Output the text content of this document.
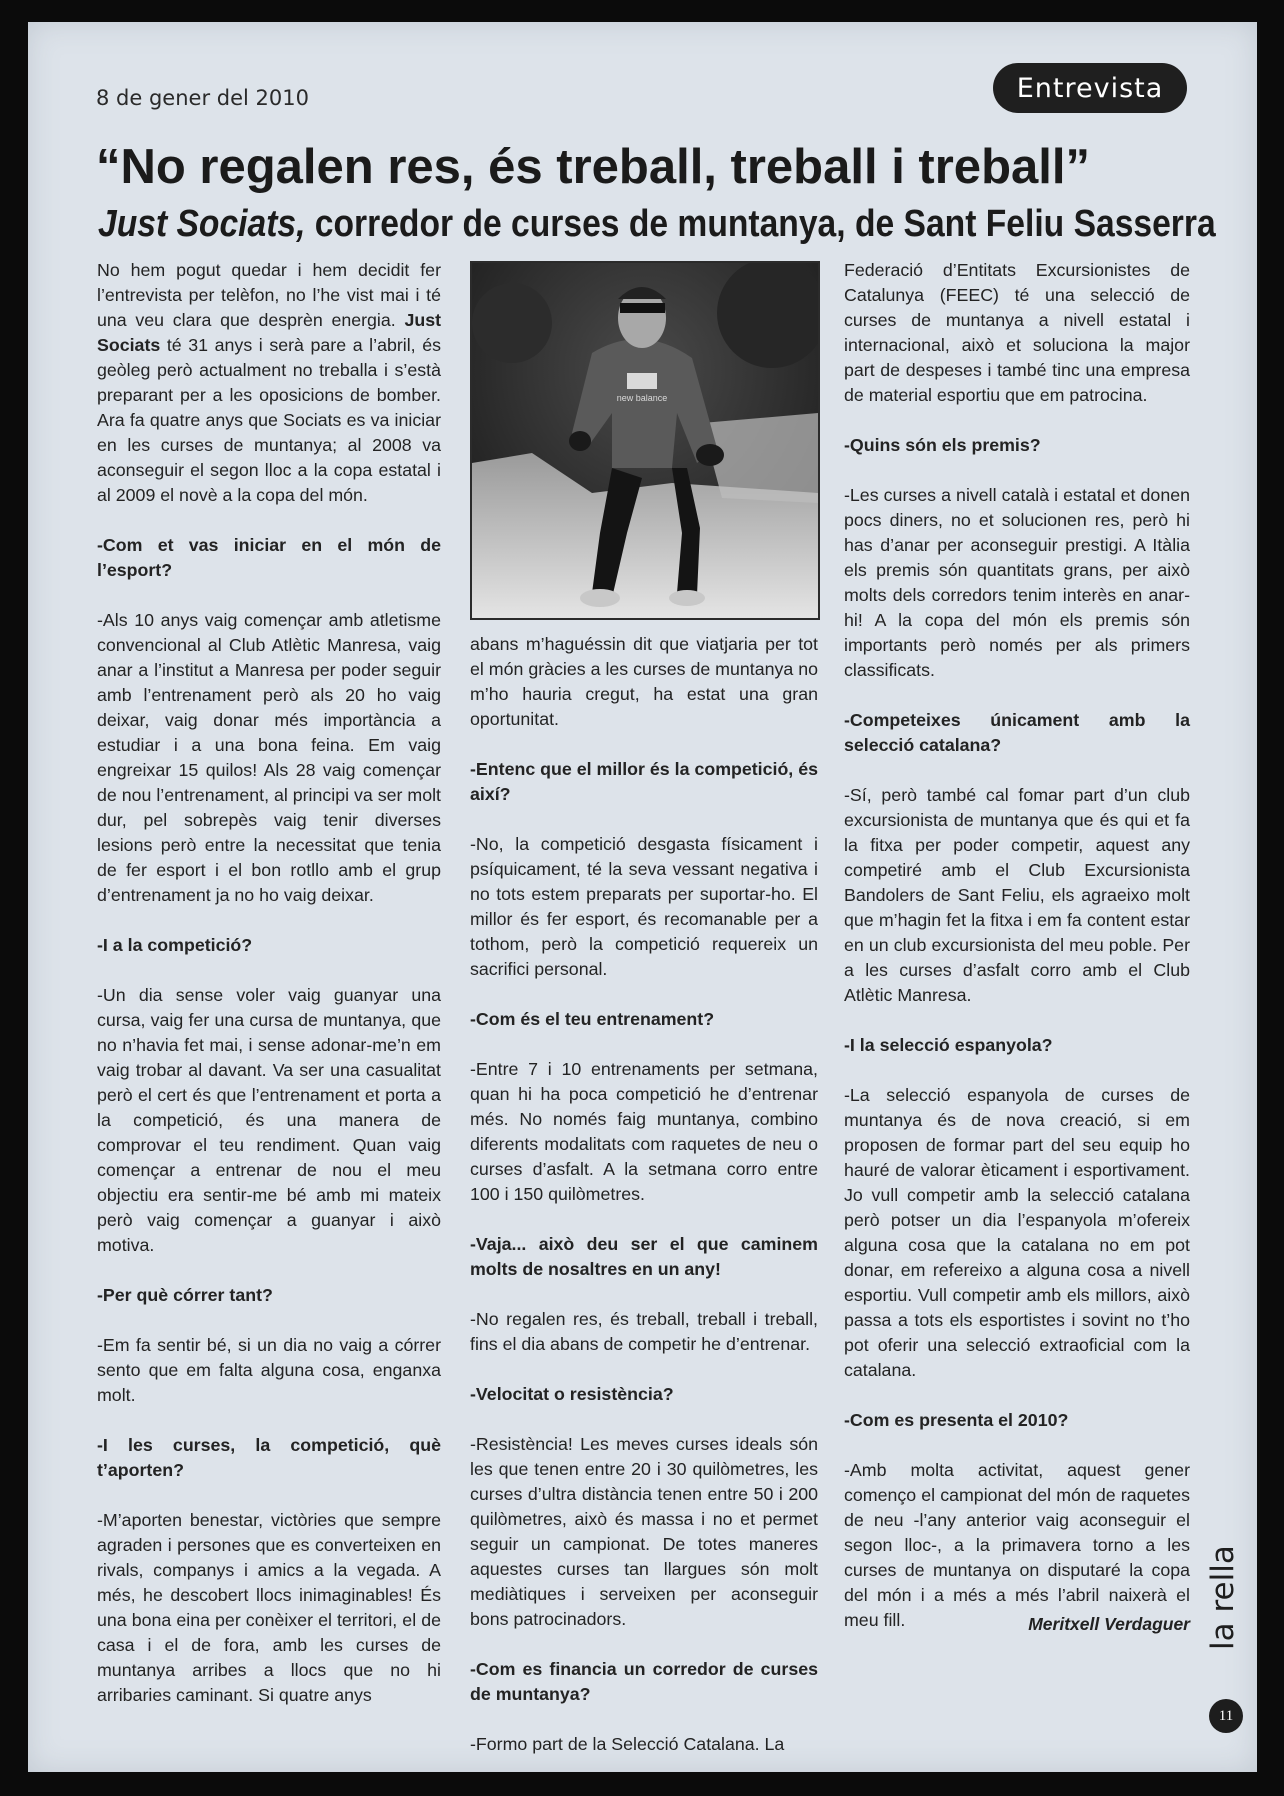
8 de gener del 2010	Entrevista
“No regalen res, és treball, treball i treball”
Just Sociats, corredor de curses de muntanya, de Sant Feliu Sasserra

No hem pogut quedar i hem decidit fer l’entrevista per telèfon, no l’he vist mai i té una veu clara que desprèn energia. Just Sociats té 31 anys i serà pare a l’abril, és geòleg però actualment no treballa i s’està preparant per a les oposicions de bomber. Ara fa quatre anys que Sociats es va iniciar en les curses de muntanya; al 2008 va aconseguir el segon lloc a la copa estatal i al 2009 el novè a la copa del món.

-Com et vas iniciar en el món de l’esport?

-Als 10 anys vaig començar amb atletisme convencional al Club Atlètic Manresa, vaig anar a l’institut a Manresa per poder seguir amb l’entrenament però als 20 ho vaig deixar, vaig donar més importància a estudiar i a una bona feina. Em vaig engreixar 15 quilos! Als 28 vaig començar de nou l’entrenament, al principi va ser molt dur, pel sobrepès vaig tenir diverses lesions però entre la necessitat que tenia de fer esport i el bon rotllo amb el grup d’entrenament ja no ho vaig deixar.

-I a la competició?

-Un dia sense voler vaig guanyar una cursa, vaig fer una cursa de muntanya, que no n’havia fet mai, i sense adonar-me’n em vaig trobar al davant. Va ser una casualitat però el cert és que l’entrenament et porta a la competició, és una manera de comprovar el teu rendiment. Quan vaig començar a entrenar de nou el meu objectiu era sentir-me bé amb mi mateix però vaig començar a guanyar i això motiva.

-Per què córrer tant?

-Em fa sentir bé, si un dia no vaig a córrer sento que em falta alguna cosa, enganxa molt.

-I les curses, la competició, què t’aporten?

-M’aporten benestar, victòries que sempre agraden i persones que es converteixen en rivals, companys i amics a la vegada. A més, he descobert llocs inimaginables! És una bona eina per conèixer el territori, el de casa i el de fora, amb les curses de muntanya arribes a llocs que no hi arribaries caminant. Si quatre anys

new balance

abans m’haguéssin dit que viatjaria per tot el món gràcies a les curses de muntanya no m’ho hauria cregut, ha estat una gran oportunitat.

-Entenc que el millor és la competició, és així?

-No, la competició desgasta físicament i psíquicament, té la seva vessant negativa i no tots estem preparats per suportar-ho. El millor és fer esport, és recomanable per a tothom, però la competició requereix un sacrifici personal.

-Com és el teu entrenament?

-Entre 7 i 10 entrenaments per setmana, quan hi ha poca competició he d’entrenar més. No només faig muntanya, combino diferents modalitats com raquetes de neu o curses d’asfalt. A la setmana corro entre 100 i 150 quilòmetres.

-Vaja... això deu ser el que caminem molts de nosaltres en un any!

-No regalen res, és treball, treball i treball, fins el dia abans de competir he d’entrenar.

-Velocitat o resistència?

-Resistència! Les meves curses ideals són les que tenen entre 20 i 30 quilòmetres, les curses d’ultra distància tenen entre 50 i 200 quilòmetres, això és massa i no et permet seguir un campionat. De totes maneres aquestes curses tan llargues són molt mediàtiques i serveixen per aconseguir bons patrocinadors.

-Com es financia un corredor de curses de muntanya?

-Formo part de la Selecció Catalana. La

Federació d’Entitats Excursionistes de Catalunya (FEEC) té una selecció de curses de muntanya a nivell estatal i internacional, això et soluciona la major part de despeses i també tinc una empresa de material esportiu que em patrocina.

-Quins són els premis?

-Les curses a nivell català i estatal et donen pocs diners, no et solucionen res, però hi has d’anar per aconseguir prestigi. A Itàlia els premis són quantitats grans, per això molts dels corredors tenim interès en anar-hi! A la copa del món els premis són importants però només per als primers classificats.

-Competeixes únicament amb la selecció catalana?

-Sí, però també cal fomar part d’un club excursionista de muntanya que és qui et fa la fitxa per poder competir, aquest any competiré amb el Club Excursionista Bandolers de Sant Feliu, els agraeixo molt que m’hagin fet la fitxa i em fa content estar en un club excursionista del meu poble. Per a les curses d’asfalt corro amb el Club Atlètic Manresa.

-I la selecció espanyola?

-La selecció espanyola de curses de muntanya és de nova creació, si em proposen de formar part del seu equip ho hauré de valorar èticament i esportivament. Jo vull competir amb la selecció catalana però potser un dia l’espanyola m’ofereix alguna cosa que la catalana no em pot donar, em refereixo a alguna cosa a nivell esportiu. Vull competir amb els millors, això passa a tots els esportistes i sovint no t’ho pot oferir una selecció extraoficial com la catalana.

-Com es presenta el 2010?

-Amb molta activitat, aquest gener començo el campionat del món de raquetes de neu -l’any anterior vaig aconseguir el segon lloc-, a la primavera torno a les curses de muntanya on disputaré la copa del món i a més a més l’abril naixerà el meu fill.	Meritxell Verdaguer la rella
11
